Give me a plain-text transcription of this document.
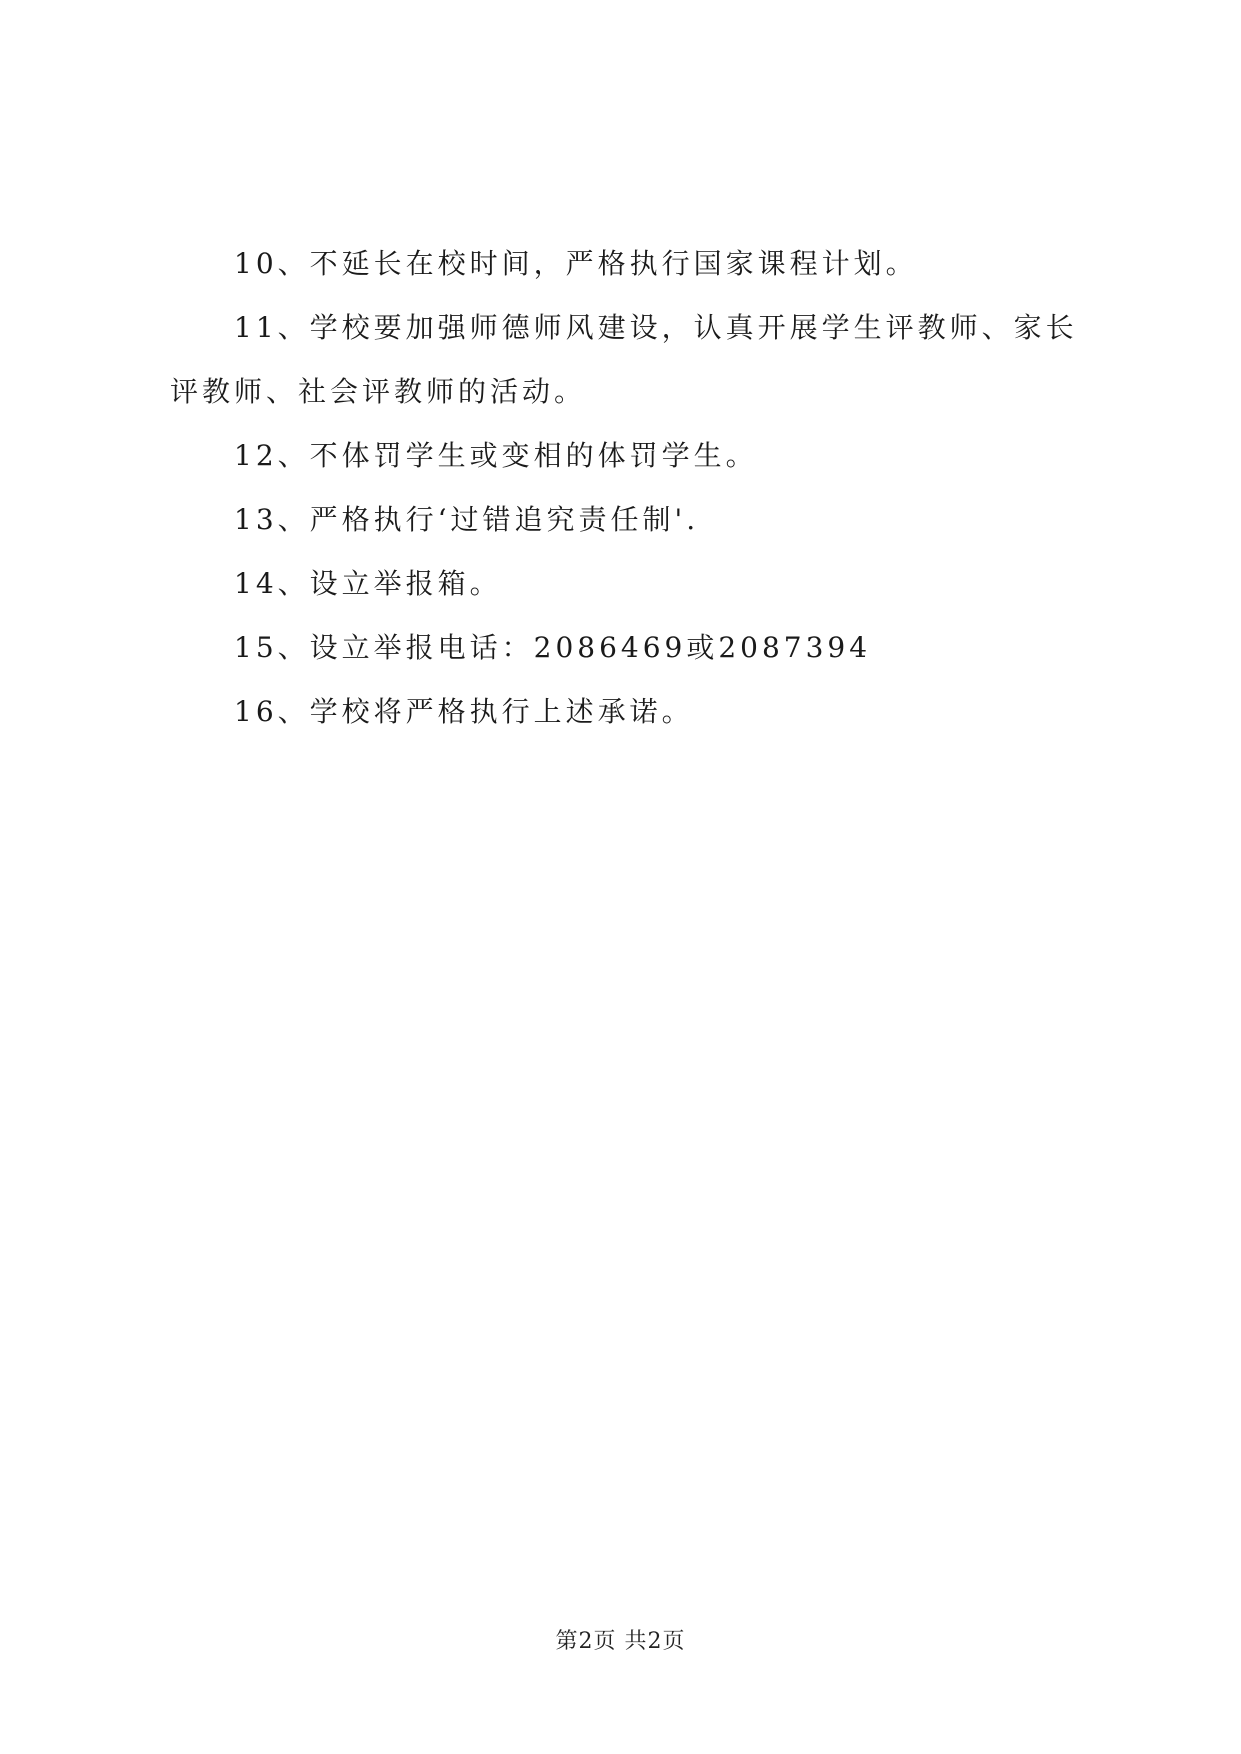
10、不延长在校时间，严格执行国家课程计划。

11、学校要加强师德师风建设，认真开展学生评教师、家长评教师、社会评教师的活动。

12、不体罚学生或变相的体罚学生。

13、严格执行‘过错追究责任制'.

14、设立举报箱。

15、设立举报电话：2086469或2087394

16、学校将严格执行上述承诺。

第2页 共2页
